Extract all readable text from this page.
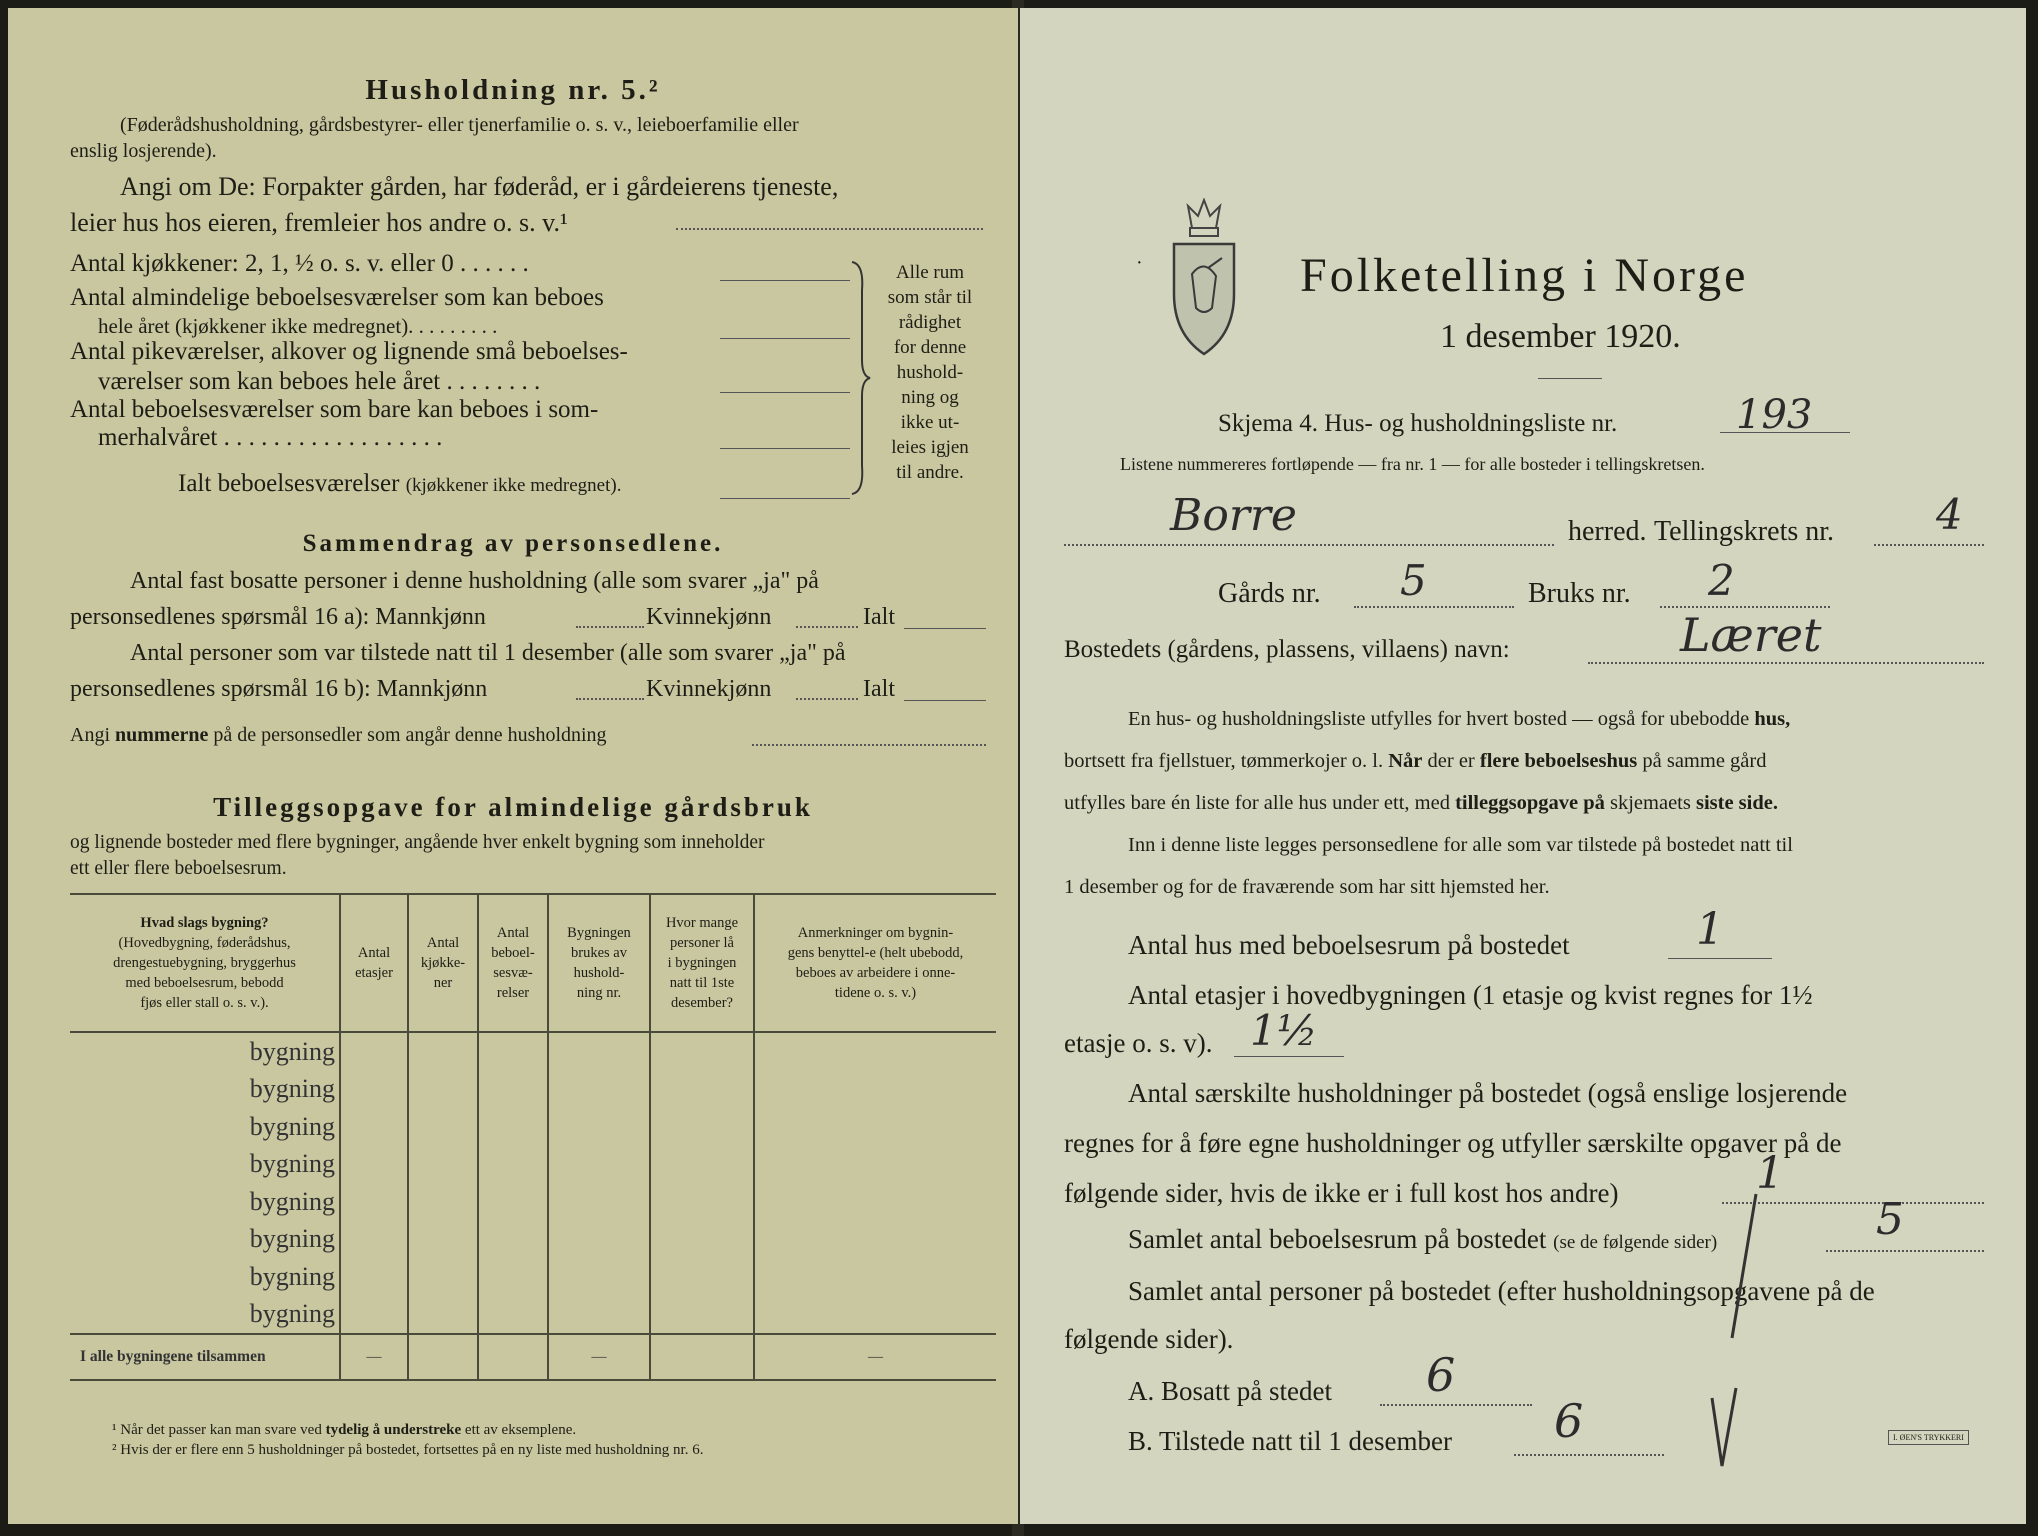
Husholdning nr. 5.²
(Føderådshusholdning, gårdsbestyrer- eller tjenerfamilie o. s. v., leieboerfamilie eller
enslig losjerende).
Angi om De: Forpakter gården, har føderåd, er i gårdeierens tjeneste,
leier hus hos eieren, fremleier hos andre o. s. v.¹
Antal kjøkkener: 2, 1, ½ o. s. v. eller 0 . . . . . .
Antal almindelige beboelsesværelser som kan beboes
hele året (kjøkkener ikke medregnet). . . . . . . . .
Antal pikeværelser, alkover og lignende små beboelses-
værelser som kan beboes hele året . . . . . . . .
Antal beboelsesværelser som bare kan beboes i som-
merhalvåret . . . . . . . . . . . . . . . . . .
Ialt beboelsesværelser (kjøkkener ikke medregnet).
Alle rum
som står til
rådighet
for denne
hushold-
ning og
ikke ut-
leies igjen
til andre.
Sammendrag av personsedlene.
Antal fast bosatte personer i denne husholdning (alle som svarer „ja" på
personsedlenes spørsmål 16 a): Mannkjønn	Kvinnekjønn	Ialt
Antal personer som var tilstede natt til 1 desember (alle som svarer „ja" på
personsedlenes spørsmål 16 b): Mannkjønn	Kvinnekjønn	Ialt
Angi nummerne på de personsedler som angår denne husholdning
Tilleggsopgave for almindelige gårdsbruk
og lignende bosteder med flere bygninger, angående hver enkelt bygning som inneholder
ett eller flere beboelsesrum.
Hvad slags bygning?
(Hovedbygning, føderådshus,
drengestuebygning, bryggerhus
med beboelsesrum, bebodd
fjøs eller stall o. s. v.).	Antal
etasjer	Antal
kjøkke-
ner	Antal
beboel-
sesvæ-
relser	Bygningen
brukes av
hushold-
ning nr.	Hvor mange
personer lå
i bygningen
natt til 1ste
desember?	Anmerkninger om bygnin-
gens benyttel-e (helt ubebodd,
beboes av arbeidere i onne-
tidene o. s. v.)
bygning						
bygning						
bygning						
bygning						
bygning						
bygning						
bygning						
bygning						
I alle bygningene tilsammen	—			—		—
¹ Når det passer kan man svare ved tydelig å understreke ett av eksemplene.
² Hvis der er flere enn 5 husholdninger på bostedet, fortsettes på en ny liste med husholdning nr. 6.
·	Folketelling i Norge
1 desember 1920.
Skjema 4. Hus- og husholdningsliste nr.	193
Listene nummereres fortløpende — fra nr. 1 — for alle bosteder i tellingskretsen.
Borre	herred. Tellingskrets nr. 4
Gårds nr. 5	Bruks nr. 2
Bostedets (gårdens, plassens, villaens) navn:	Læret
En hus- og husholdningsliste utfylles for hvert bosted — også for ubebodde hus,
bortsett fra fjellstuer, tømmerkojer o. l. Når der er flere beboelseshus på samme gård
utfylles bare én liste for alle hus under ett, med tilleggsopgave på skjemaets siste side.
Inn i denne liste legges personsedlene for alle som var tilstede på bostedet natt til
1 desember og for de fraværende som har sitt hjemsted her.
Antal hus med beboelsesrum på bostedet	1
Antal etasjer i hovedbygningen (1 etasje og kvist regnes for 1½
etasje o. s. v). 1½
Antal særskilte husholdninger på bostedet (også enslige losjerende
regnes for å føre egne husholdninger og utfyller særskilte opgaver på de
følgende sider, hvis de ikke er i full kost hos andre)	1
Samlet antal beboelsesrum på bostedet (se de følgende sider)	5
Samlet antal personer på bostedet (efter husholdningsopgavene på de
følgende sider).
A. Bosatt på stedet 6
B. Tilstede natt til 1 desember 6	I. ØEN'S TRYKKERI
